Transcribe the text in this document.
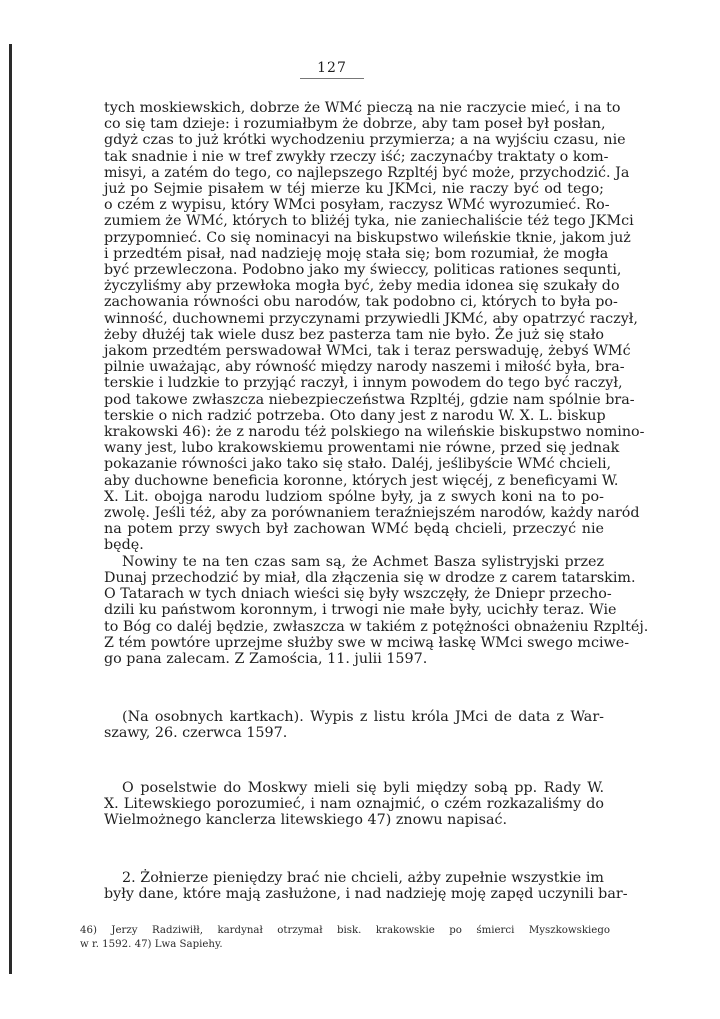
127
tych moskiewskich, dobrze że WMć pieczą na nie raczycie mieć, i na to
co się tam dzieje: i rozumiałbym że dobrze, aby tam poseł był posłan,
gdyż czas to już krótki wychodzeniu przymierza; a na wyjściu czasu, nie
tak snadnie i nie w tref zwykły rzeczy iść; zaczynaćby traktaty o kom-
misyi, a zatém do tego, co najlepszego Rzpltéj być może, przychodzić. Ja
już po Sejmie pisałem w téj mierze ku JKMci, nie raczy być od tego;
o czém z wypisu, który WMci posyłam, raczysz WMć wyrozumieć. Ro-
zumiem że WMć, których to bliżéj tyka, nie zaniechaliście téż tego JKMci
przypomnieć. Co się nominacyi na biskupstwo wileńskie tknie, jakom już
i przedtém pisał, nad nadzieję moję stała się; bom rozumiał, że mogła
być przewleczona. Podobno jako my świeccy, politicas rationes sequnti,
życzyliśmy aby przewłoka mogła być, żeby media idonea się szukały do
zachowania równości obu narodów, tak podobno ci, których to była po-
winność, duchownemi przyczynami przywiedli JKMć, aby opatrzyć raczył,
żeby dłużéj tak wiele dusz bez pasterza tam nie było. Że już się stało
jakom przedtém perswadował WMci, tak i teraz perswaduję, żebyś WMć
pilnie uważając, aby równość między narody naszemi i miłość była, bra-
terskie i ludzkie to przyjąć raczył, i innym powodem do tego być raczył,
pod takowe zwłaszcza niebezpieczeństwa Rzpltéj, gdzie nam spólnie bra-
terskie o nich radzić potrzeba. Oto dany jest z narodu W. X. L. biskup
krakowski 46): że z narodu téż polskiego na wileńskie biskupstwo nomino-
wany jest, lubo krakowskiemu prowentami nie równe, przed się jednak
pokazanie równości jako tako się stało. Daléj, jeślibyście WMć chcieli,
aby duchowne beneficia koronne, których jest więcéj, z beneficyami W.
X. Lit. obojga narodu ludziom spólne były, ja z swych koni na to po-
zwolę. Jeśli téż, aby za porównaniem teraźniejszém narodów, każdy naród
na potem przy swych był zachowan WMć będą chcieli, przeczyć nie
będę.
Nowiny te na ten czas sam są, że Achmet Basza sylistryjski przez
Dunaj przechodzić by miał, dla złączenia się w drodze z carem tatarskim.
O Tatarach w tych dniach wieści się były wszczęły, że Dniepr przecho-
dzili ku państwom koronnym, i trwogi nie małe były, ucichły teraz. Wie
to Bóg co daléj będzie, zwłaszcza w takiém z potężności obnażeniu Rzpltéj.
Z tém powtóre uprzejme służby swe w mciwą łaskę WMci swego mciwe-
go pana zalecam. Z Zamościa, 11. julii 1597.
(Na osobnych kartkach). Wypis z listu króla JMci de data z War-
szawy, 26. czerwca 1597.
O poselstwie do Moskwy mieli się byli między sobą pp. Rady W.
X. Litewskiego porozumieć, i nam oznajmić, o czém rozkazaliśmy do
Wielmożnego kanclerza litewskiego 47) znowu napisać.
2. Żołnierze pieniędzy brać nie chcieli, ażby zupełnie wszystkie im
były dane, które mają zasłużone, i nad nadzieję moję zapęd uczynili bar-
46) Jerzy Radziwiłł, kardynał otrzymał bisk. krakowskie po śmierci Myszkowskiego
w r. 1592. 47) Lwa Sapiehy.
